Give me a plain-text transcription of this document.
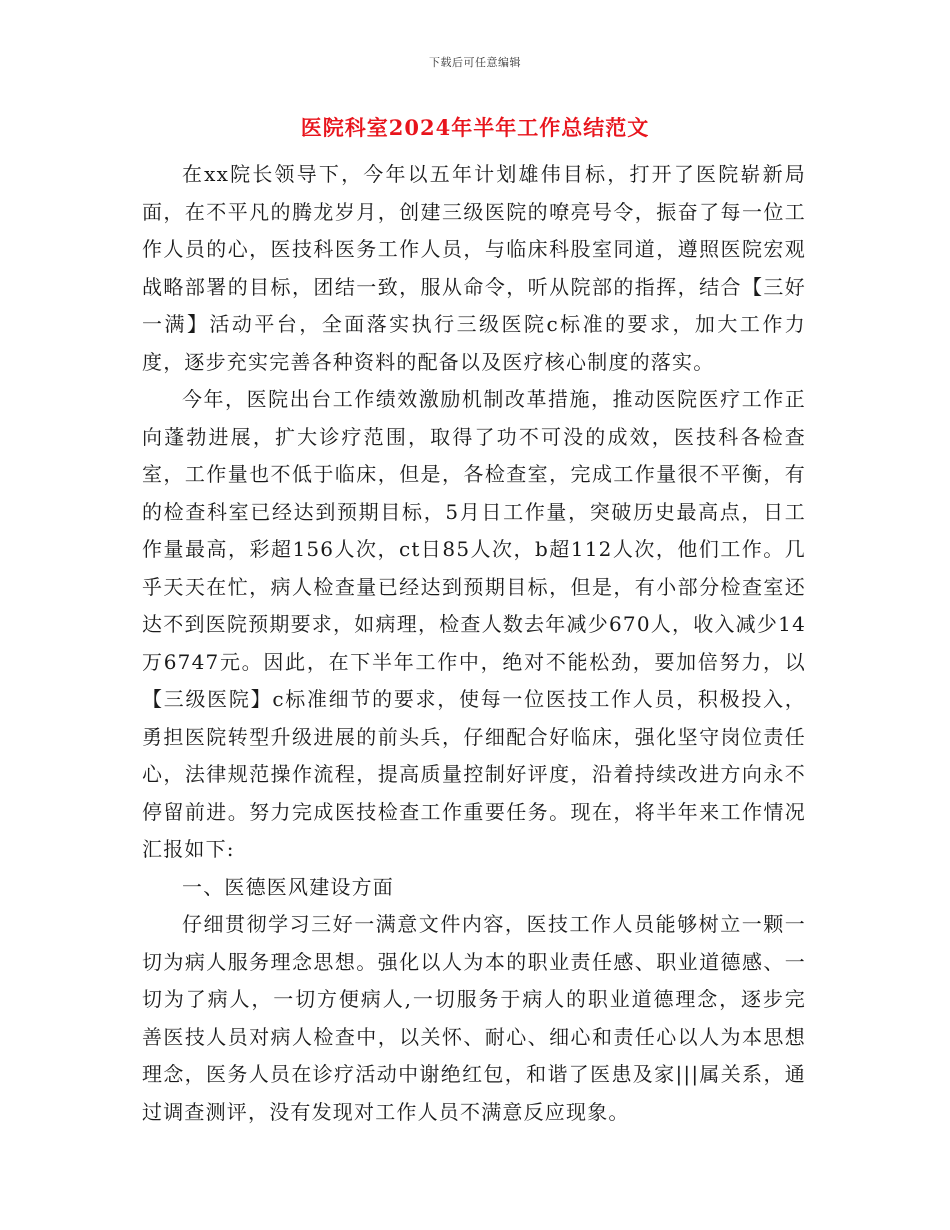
下载后可任意编辑
医院科室2024年半年工作总结范文

在xx院长领导下，今年以五年计划雄伟目标，打开了医院崭新局面，在不平凡的腾龙岁月，创建三级医院的嘹亮号令，振奋了每一位工作人员的心，医技科医务工作人员，与临床科股室同道，遵照医院宏观战略部署的目标，团结一致，服从命令，听从院部的指挥，结合【三好一满】活动平台，全面落实执行三级医院c标准的要求，加大工作力度，逐步充实完善各种资料的配备以及医疗核心制度的落实。

今年，医院出台工作绩效激励机制改革措施，推动医院医疗工作正向蓬勃进展，扩大诊疗范围，取得了功不可没的成效，医技科各检查室，工作量也不低于临床，但是，各检查室，完成工作量很不平衡，有的检查科室已经达到预期目标，5月日工作量，突破历史最高点，日工作量最高，彩超156人次，ct日85人次，b超112人次，他们工作。几乎天天在忙，病人检查量已经达到预期目标，但是，有小部分检查室还达不到医院预期要求，如病理，检查人数去年减少670人，收入减少14万6747元。因此，在下半年工作中，绝对不能松劲，要加倍努力，以【三级医院】c标准细节的要求，使每一位医技工作人员，积极投入，勇担医院转型升级进展的前头兵，仔细配合好临床，强化坚守岗位责任心，法律规范操作流程，提高质量控制好评度，沿着持续改进方向永不停留前进。努力完成医技检查工作重要任务。现在，将半年来工作情况汇报如下:

一、医德医风建设方面

仔细贯彻学习三好一满意文件内容，医技工作人员能够树立一颗一切为病人服务理念思想。强化以人为本的职业责任感、职业道德感、一切为了病人，一切方便病人,一切服务于病人的职业道德理念，逐步完善医技人员对病人检查中，以关怀、耐心、细心和责任心以人为本思想理念，医务人员在诊疗活动中谢绝红包，和谐了医患及家|||属关系，通过调查测评，没有发现对工作人员不满意反应现象。
